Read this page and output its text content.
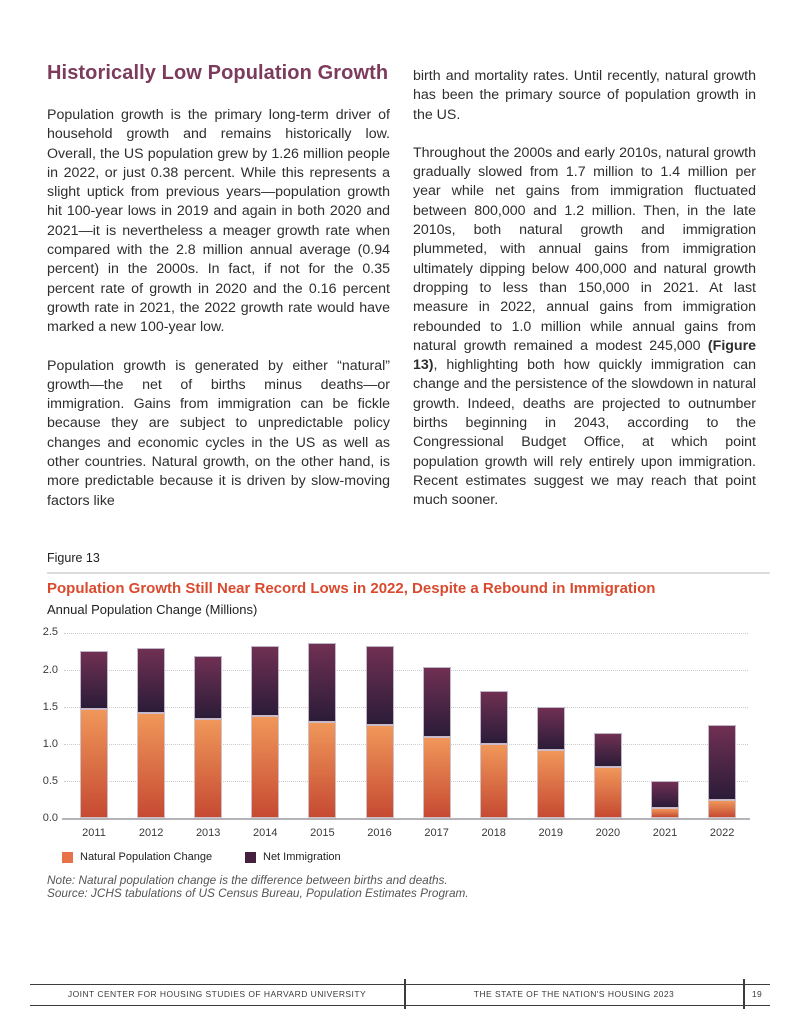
Historically Low Population Growth

Population growth is the primary long-term driver of household growth and remains historically low. Overall, the US population grew by 1.26 million people in 2022, or just 0.38 percent. While this represents a slight uptick from previous years—population growth hit 100-year lows in 2019 and again in both 2020 and 2021—it is nevertheless a meager growth rate when compared with the 2.8 million annual average (0.94 percent) in the 2000s. In fact, if not for the 0.35 percent rate of growth in 2020 and the 0.16 percent growth rate in 2021, the 2022 growth rate would have marked a new 100-year low.

Population growth is generated by either “natural” growth—the net of births minus deaths—or immigration. Gains from immigration can be fickle because they are subject to unpredictable policy changes and economic cycles in the US as well as other countries. Natural growth, on the other hand, is more predictable because it is driven by slow-moving factors like

birth and mortality rates. Until recently, natural growth has been the primary source of population growth in the US.

Throughout the 2000s and early 2010s, natural growth gradually slowed from 1.7 million to 1.4 million per year while net gains from immigration fluctuated between 800,000 and 1.2 million. Then, in the late 2010s, both natural growth and immigration plummeted, with annual gains from immigration ultimately dipping below 400,000 and natural growth dropping to less than 150,000 in 2021. At last measure in 2022, annual gains from immigration rebounded to 1.0 million while annual gains from natural growth remained a modest 245,000 (Figure 13), highlighting both how quickly immigration can change and the persistence of the slowdown in natural growth. Indeed, deaths are projected to outnumber births beginning in 2043, according to the Congressional Budget Office, at which point population growth will rely entirely upon immigration. Recent estimates suggest we may reach that point much sooner.

Figure 13
Population Growth Still Near Record Lows in 2022, Despite a Rebound in Immigration
Annual Population Change (Millions)
0.0
0.5
1.0
1.5
2.0
2.5
2011	2012	2013	2014	2015	2016	2017	2018	2019	2020	2021	2022
Natural Population Change	Net Immigration
Note: Natural population change is the difference between births and deaths.
Source: JCHS tabulations of US Census Bureau, Population Estimates Program.
JOINT CENTER FOR HOUSING STUDIES OF HARVARD UNIVERSITY	THE STATE OF THE NATION'S HOUSING 2023	19
